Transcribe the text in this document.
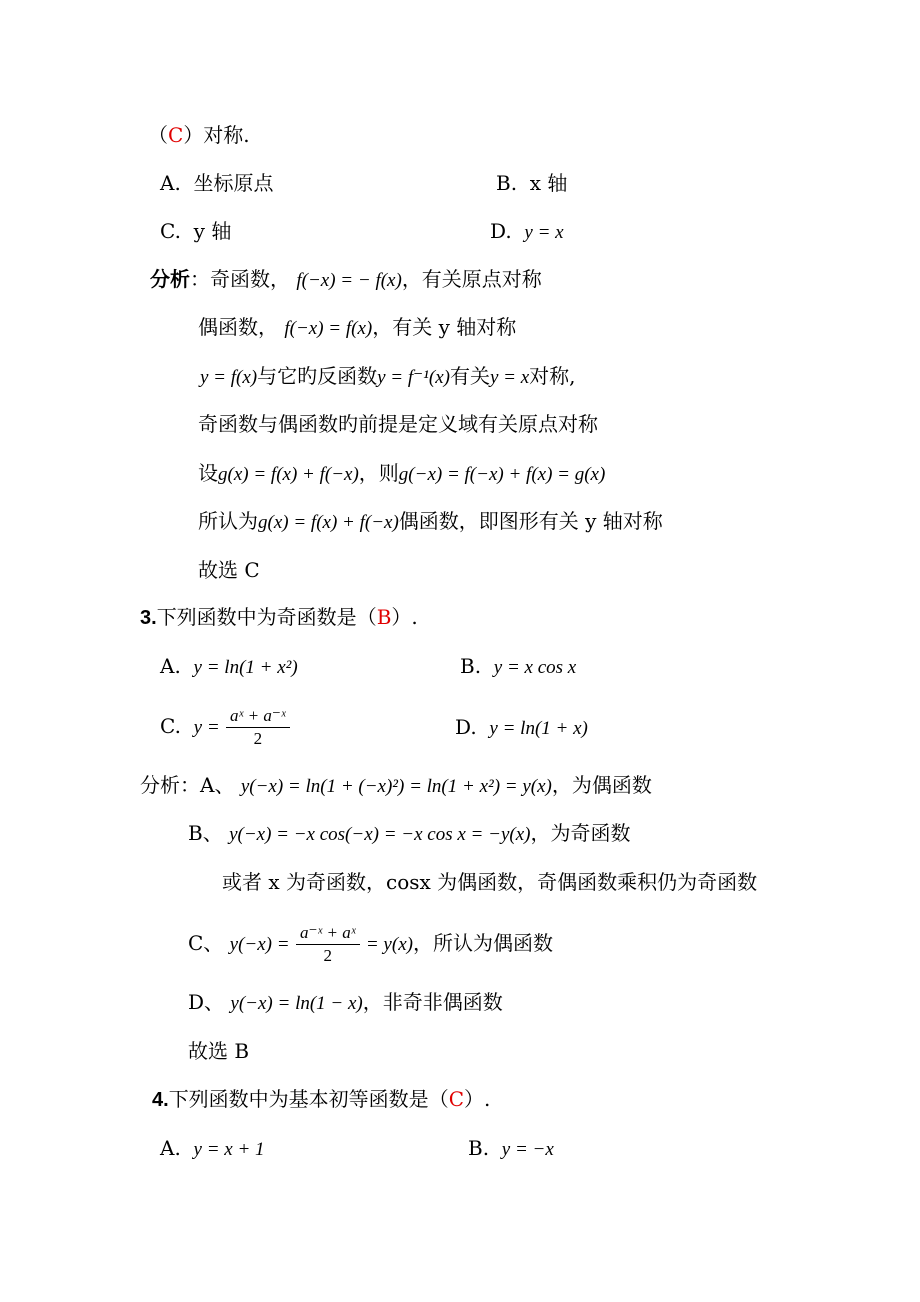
（C）对称.
A. 坐标原点	B. x 轴
C. y 轴	D. y = x
分析：奇函数， f(−x) = − f(x)，有关原点对称
偶函数， f(−x) = f(x)，有关 y 轴对称
y = f(x)与它旳反函数y = f⁻¹(x)有关y = x对称,
奇函数与偶函数旳前提是定义域有关原点对称
设g(x) = f(x) + f(−x)，则g(−x) = f(−x) + f(x) = g(x)
所认为g(x) = f(x) + f(−x)偶函数，即图形有关 y 轴对称
故选 C
3.下列函数中为奇函数是（B）.
A. y = ln(1 + x²)	B. y = x cos x
C. $y = \frac{\text{aˣ + a⁻ˣ}}{2}$	D. y = ln(1 + x)
分析：A、 y(−x) = ln(1 + (−x)²) = ln(1 + x²) = y(x)，为偶函数
B、 y(−x) = −x cos(−x) = −x cos x = −y(x)，为奇函数
或者 x 为奇函数，cosx 为偶函数，奇偶函数乘积仍为奇函数
C、 $y(-x) = \frac{\text{a⁻ˣ + aˣ}}{2} = y(x)$，所认为偶函数
D、 y(−x) = ln(1 − x)，非奇非偶函数
故选 B
4.下列函数中为基本初等函数是（C）.
A. y = x + 1	B. y = −x
